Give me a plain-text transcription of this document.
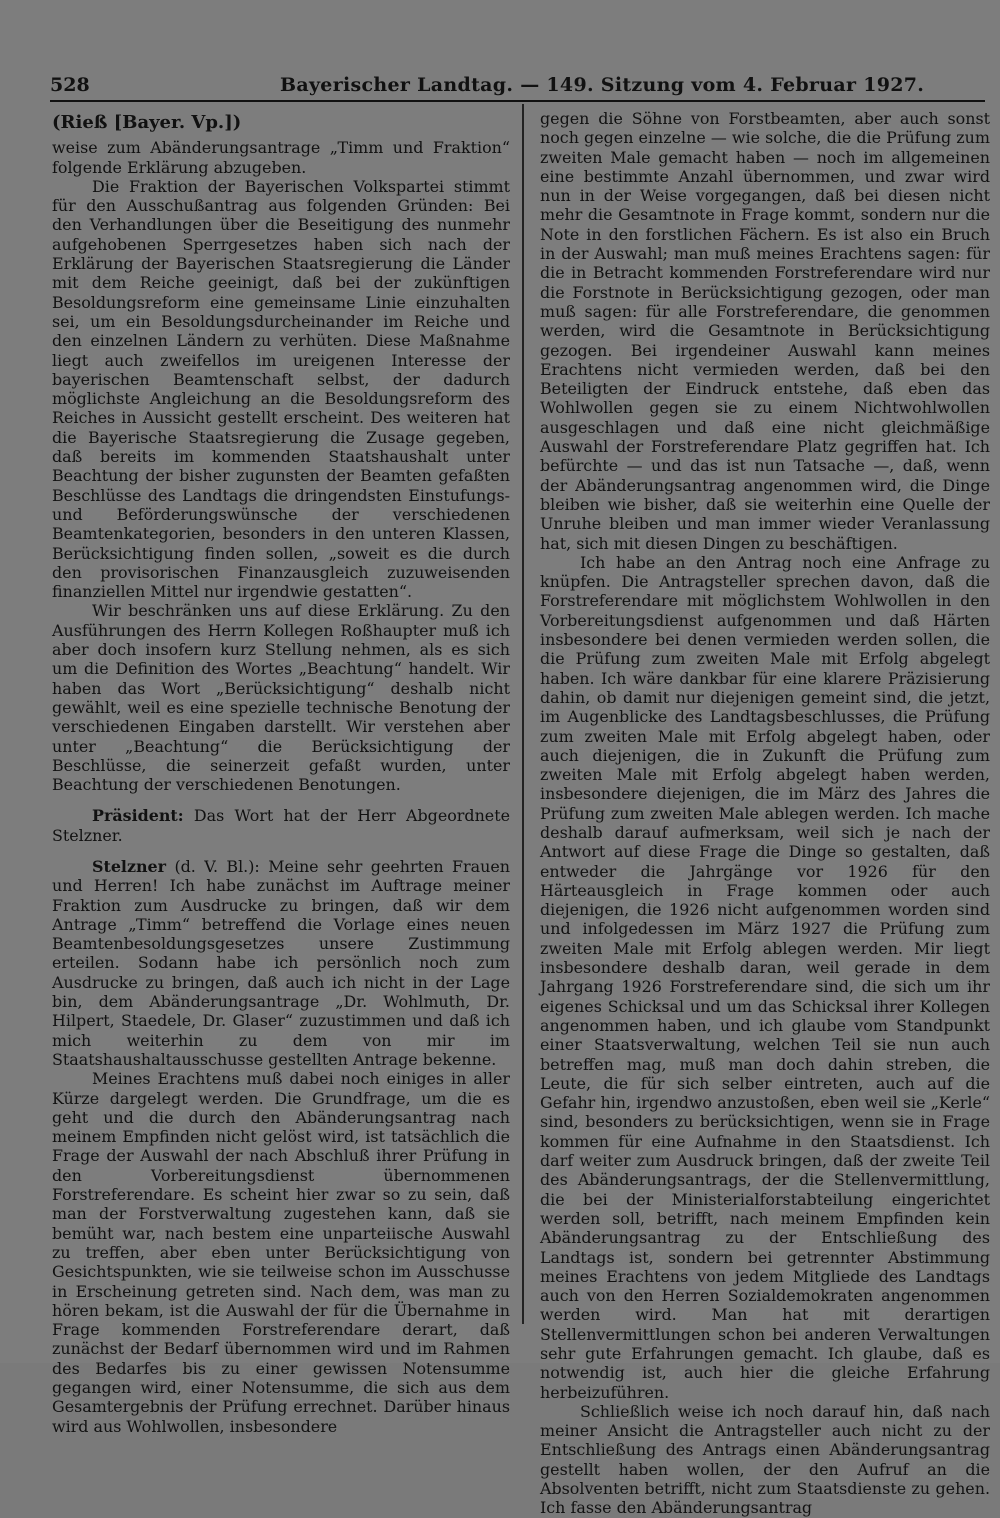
528	Bayerischer Landtag. — 149. Sitzung vom 4. Februar 1927.
(Rieß [Bayer. Vp.])

weise zum Abänderungsantrage „Timm und Fraktion“ folgende Erklärung abzugeben.

Die Fraktion der Bayerischen Volkspartei stimmt für den Ausschußantrag aus folgenden Gründen: Bei den Verhandlungen über die Beseitigung des nunmehr aufgehobenen Sperrgesetzes haben sich nach der Erklärung der Bayerischen Staatsregierung die Länder mit dem Reiche geeinigt, daß bei der zukünftigen Besoldungsreform eine gemeinsame Linie einzuhalten sei, um ein Besoldungsdurcheinander im Reiche und den einzelnen Ländern zu verhüten. Diese Maßnahme liegt auch zweifellos im ureigenen Interesse der bayerischen Beamtenschaft selbst, der dadurch möglichste Angleichung an die Besoldungsreform des Reiches in Aussicht gestellt erscheint. Des weiteren hat die Bayerische Staatsregierung die Zusage gegeben, daß bereits im kommenden Staatshaushalt unter Beachtung der bisher zugunsten der Beamten gefaßten Beschlüsse des Landtags die dringendsten Einstufungs- und Beförderungswünsche der verschiedenen Beamtenkategorien, besonders in den unteren Klassen, Berücksichtigung finden sollen, „soweit es die durch den provisorischen Finanzausgleich zuzuweisenden finanziellen Mittel nur irgendwie gestatten“.

Wir beschränken uns auf diese Erklärung. Zu den Ausführungen des Herrn Kollegen Roßhaupter muß ich aber doch insofern kurz Stellung nehmen, als es sich um die Definition des Wortes „Beachtung“ handelt. Wir haben das Wort „Berücksichtigung“ deshalb nicht gewählt, weil es eine spezielle technische Benotung der verschiedenen Eingaben darstellt. Wir verstehen aber unter „Beachtung“ die Berücksichtigung der Beschlüsse, die seinerzeit gefaßt wurden, unter Beachtung der verschiedenen Benotungen.

Präsident: Das Wort hat der Herr Abgeordnete Stelzner.

Stelzner (d. V. Bl.): Meine sehr geehrten Frauen und Herren! Ich habe zunächst im Auftrage meiner Fraktion zum Ausdrucke zu bringen, daß wir dem Antrage „Timm“ betreffend die Vorlage eines neuen Beamtenbesoldungsgesetzes unsere Zustimmung erteilen. Sodann habe ich persönlich noch zum Ausdrucke zu bringen, daß auch ich nicht in der Lage bin, dem Abänderungsantrage „Dr. Wohlmuth, Dr. Hilpert, Staedele, Dr. Glaser“ zuzustimmen und daß ich mich weiterhin zu dem von mir im Staatshaushaltausschusse gestellten Antrage bekenne.

Meines Erachtens muß dabei noch einiges in aller Kürze dargelegt werden. Die Grundfrage, um die es geht und die durch den Abänderungsantrag nach meinem Empfinden nicht gelöst wird, ist tatsächlich die Frage der Auswahl der nach Abschluß ihrer Prüfung in den Vorbereitungsdienst übernommenen Forstreferendare. Es scheint hier zwar so zu sein, daß man der Forstverwaltung zugestehen kann, daß sie bemüht war, nach bestem eine unparteiische Auswahl zu treffen, aber eben unter Berücksichtigung von Gesichtspunkten, wie sie teilweise schon im Ausschusse in Erscheinung getreten sind. Nach dem, was man zu hören bekam, ist die Auswahl der für die Übernahme in Frage kommenden Forstreferendare derart, daß zunächst der Bedarf übernommen wird und im Rahmen des Bedarfes bis zu einer gewissen Notensumme gegangen wird, einer Notensumme, die sich aus dem Gesamtergebnis der Prüfung errechnet. Darüber hinaus wird aus Wohlwollen, insbesondere

gegen die Söhne von Forstbeamten, aber auch sonst noch gegen einzelne — wie solche, die die Prüfung zum zweiten Male gemacht haben — noch im allgemeinen eine bestimmte Anzahl übernommen, und zwar wird nun in der Weise vorgegangen, daß bei diesen nicht mehr die Gesamtnote in Frage kommt, sondern nur die Note in den forstlichen Fächern. Es ist also ein Bruch in der Auswahl; man muß meines Erachtens sagen: für die in Betracht kommenden Forstreferendare wird nur die Forstnote in Berücksichtigung gezogen, oder man muß sagen: für alle Forstreferendare, die genommen werden, wird die Gesamtnote in Berücksichtigung gezogen. Bei irgendeiner Auswahl kann meines Erachtens nicht vermieden werden, daß bei den Beteiligten der Eindruck entstehe, daß eben das Wohlwollen gegen sie zu einem Nichtwohlwollen ausgeschlagen und daß eine nicht gleichmäßige Auswahl der Forstreferendare Platz gegriffen hat. Ich befürchte — und das ist nun Tatsache —, daß, wenn der Abänderungsantrag angenommen wird, die Dinge bleiben wie bisher, daß sie weiterhin eine Quelle der Unruhe bleiben und man immer wieder Veranlassung hat, sich mit diesen Dingen zu beschäftigen.

Ich habe an den Antrag noch eine Anfrage zu knüpfen. Die Antragsteller sprechen davon, daß die Forstreferendare mit möglichstem Wohlwollen in den Vorbereitungsdienst aufgenommen und daß Härten insbesondere bei denen vermieden werden sollen, die die Prüfung zum zweiten Male mit Erfolg abgelegt haben. Ich wäre dankbar für eine klarere Präzisierung dahin, ob damit nur diejenigen gemeint sind, die jetzt, im Augenblicke des Landtagsbeschlusses, die Prüfung zum zweiten Male mit Erfolg abgelegt haben, oder auch diejenigen, die in Zukunft die Prüfung zum zweiten Male mit Erfolg abgelegt haben werden, insbesondere diejenigen, die im März des Jahres die Prüfung zum zweiten Male ablegen werden. Ich mache deshalb darauf aufmerksam, weil sich je nach der Antwort auf diese Frage die Dinge so gestalten, daß entweder die Jahrgänge vor 1926 für den Härteausgleich in Frage kommen oder auch diejenigen, die 1926 nicht aufgenommen worden sind und infolgedessen im März 1927 die Prüfung zum zweiten Male mit Erfolg ablegen werden. Mir liegt insbesondere deshalb daran, weil gerade in dem Jahrgang 1926 Forstreferendare sind, die sich um ihr eigenes Schicksal und um das Schicksal ihrer Kollegen angenommen haben, und ich glaube vom Standpunkt einer Staatsverwaltung, welchen Teil sie nun auch betreffen mag, muß man doch dahin streben, die Leute, die für sich selber eintreten, auch auf die Gefahr hin, irgendwo anzustoßen, eben weil sie „Kerle“ sind, besonders zu berücksichtigen, wenn sie in Frage kommen für eine Aufnahme in den Staatsdienst. Ich darf weiter zum Ausdruck bringen, daß der zweite Teil des Abänderungsantrags, der die Stellenvermittlung, die bei der Ministerialforstabteilung eingerichtet werden soll, betrifft, nach meinem Empfinden kein Abänderungsantrag zu der Entschließung des Landtags ist, sondern bei getrennter Abstimmung meines Erachtens von jedem Mitgliede des Landtags auch von den Herren Sozialdemokraten angenommen werden wird. Man hat mit derartigen Stellenvermittlungen schon bei anderen Verwaltungen sehr gute Erfahrungen gemacht. Ich glaube, daß es notwendig ist, auch hier die gleiche Erfahrung herbeizuführen.

Schließlich weise ich noch darauf hin, daß nach meiner Ansicht die Antragsteller auch nicht zu der Entschließung des Antrags einen Abänderungsantrag gestellt haben wollen, der den Aufruf an die Absolventen betrifft, nicht zum Staatsdienste zu gehen. Ich fasse den Abänderungsantrag
